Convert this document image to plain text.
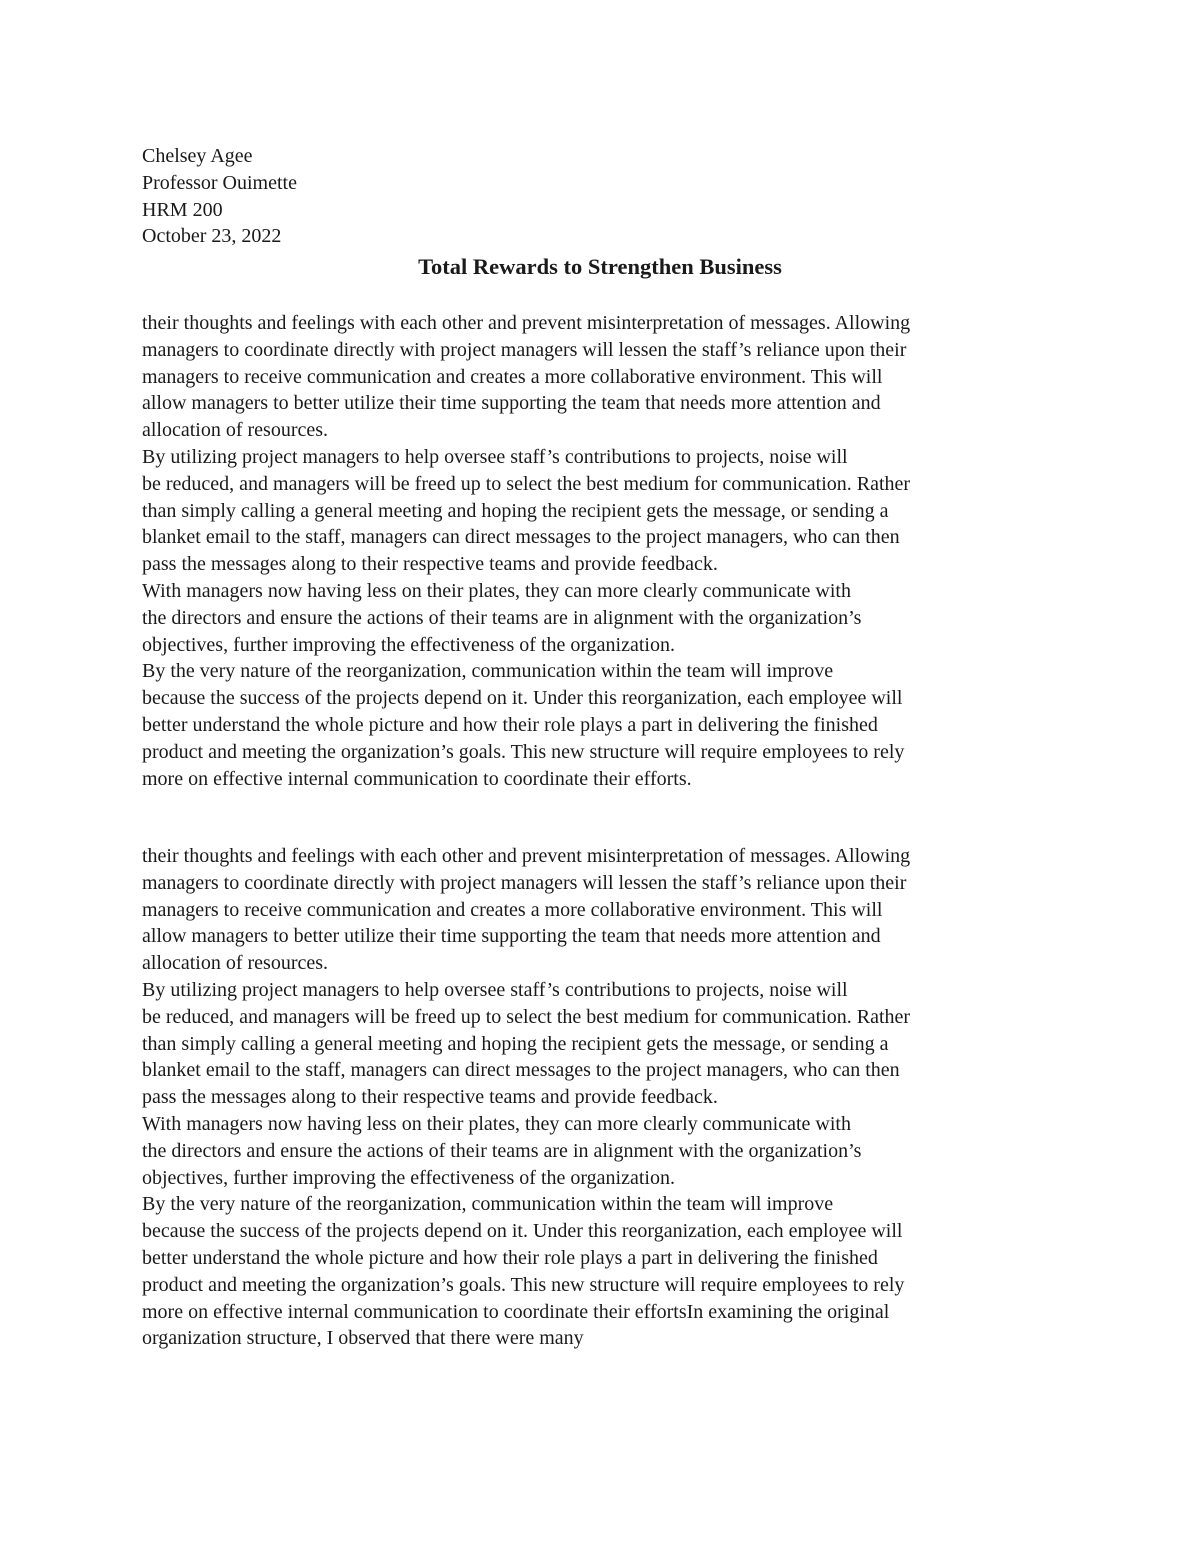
Chelsey Agee
Professor Ouimette
HRM 200
October 23, 2022
Total Rewards to Strengthen Business
their thoughts and feelings with each other and prevent misinterpretation of messages. Allowing
managers to coordinate directly with project managers will lessen the staff’s reliance upon their
managers to receive communication and creates a more collaborative environment. This will
allow managers to better utilize their time supporting the team that needs more attention and
allocation of resources.
By utilizing project managers to help oversee staff’s contributions to projects, noise will
be reduced, and managers will be freed up to select the best medium for communication. Rather
than simply calling a general meeting and hoping the recipient gets the message, or sending a
blanket email to the staff, managers can direct messages to the project managers, who can then
pass the messages along to their respective teams and provide feedback.
With managers now having less on their plates, they can more clearly communicate with
the directors and ensure the actions of their teams are in alignment with the organization’s
objectives, further improving the effectiveness of the organization.
By the very nature of the reorganization, communication within the team will improve
because the success of the projects depend on it. Under this reorganization, each employee will
better understand the whole picture and how their role plays a part in delivering the finished
product and meeting the organization’s goals. This new structure will require employees to rely
more on effective internal communication to coordinate their efforts.
their thoughts and feelings with each other and prevent misinterpretation of messages. Allowing
managers to coordinate directly with project managers will lessen the staff’s reliance upon their
managers to receive communication and creates a more collaborative environment. This will
allow managers to better utilize their time supporting the team that needs more attention and
allocation of resources.
By utilizing project managers to help oversee staff’s contributions to projects, noise will
be reduced, and managers will be freed up to select the best medium for communication. Rather
than simply calling a general meeting and hoping the recipient gets the message, or sending a
blanket email to the staff, managers can direct messages to the project managers, who can then
pass the messages along to their respective teams and provide feedback.
With managers now having less on their plates, they can more clearly communicate with
the directors and ensure the actions of their teams are in alignment with the organization’s
objectives, further improving the effectiveness of the organization.
By the very nature of the reorganization, communication within the team will improve
because the success of the projects depend on it. Under this reorganization, each employee will
better understand the whole picture and how their role plays a part in delivering the finished
product and meeting the organization’s goals. This new structure will require employees to rely
more on effective internal communication to coordinate their effortsIn examining the original
organization structure, I observed that there were many
